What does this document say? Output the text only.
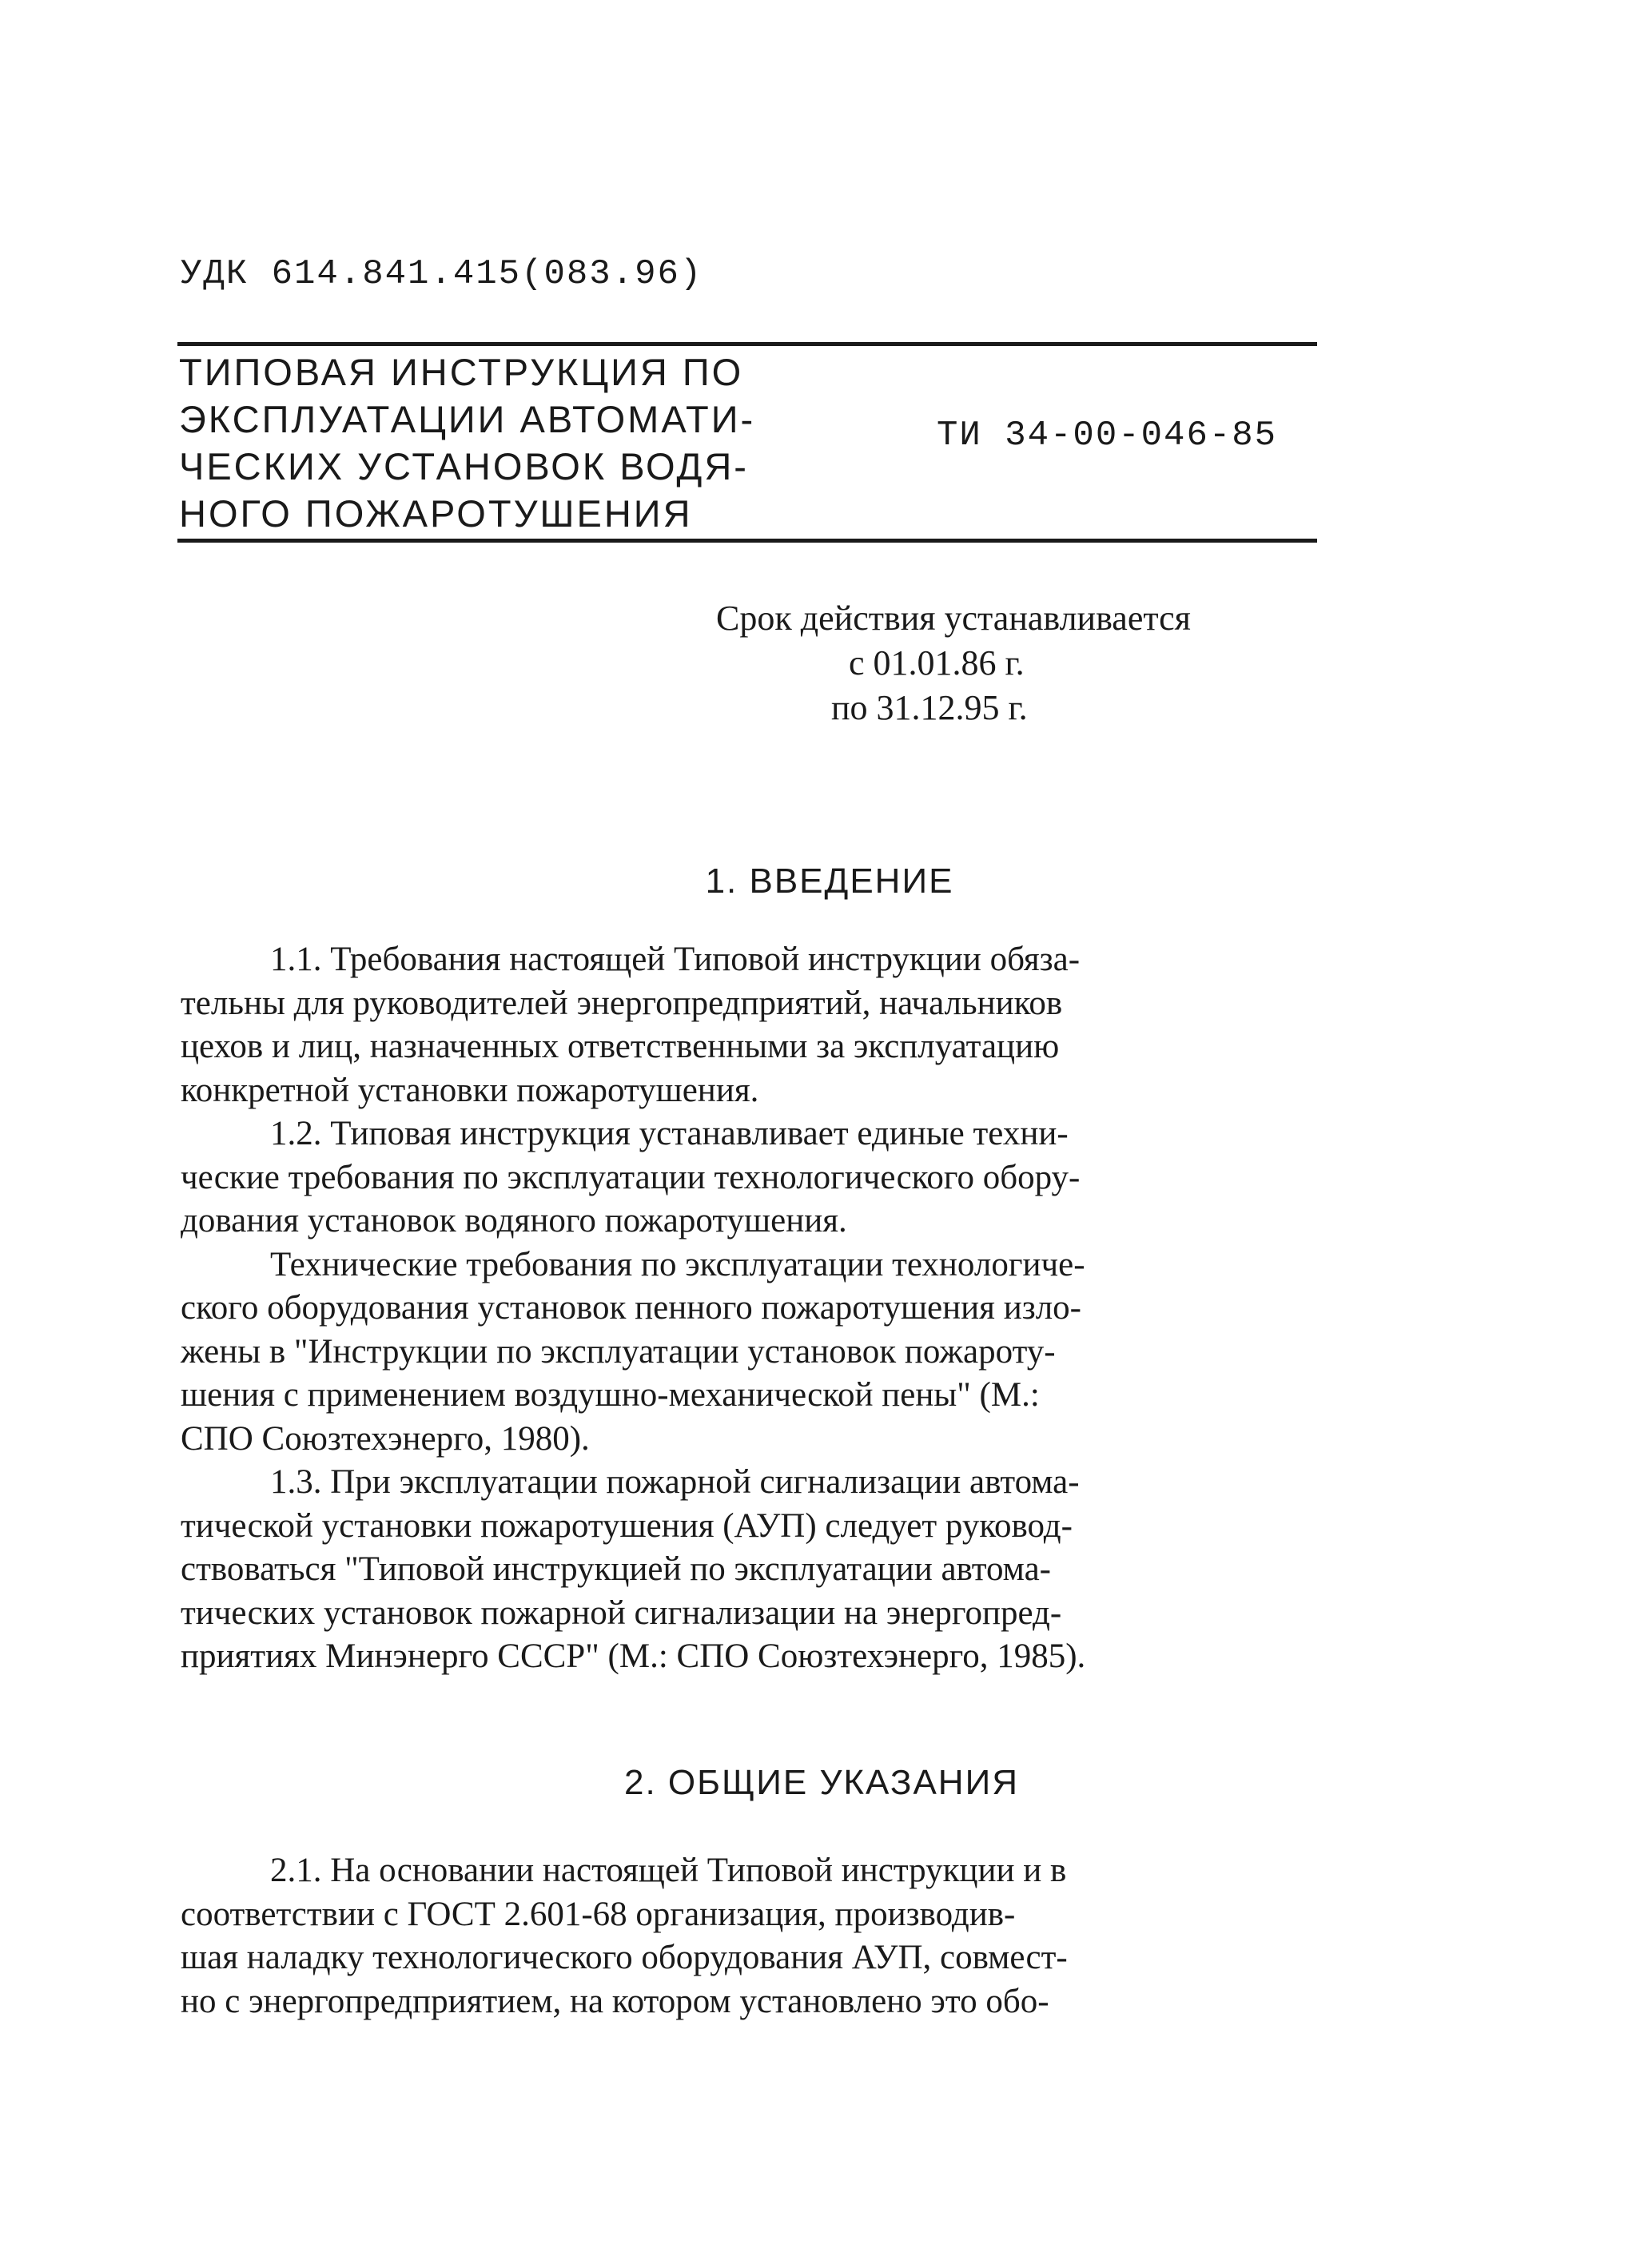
УДК 614.841.415(083.96)
ТИПОВАЯ ИНСТРУКЦИЯ ПО
ЭКСПЛУАТАЦИИ АВТОМАТИ-
ЧЕСКИХ УСТАНОВОК ВОДЯ-
НОГО ПОЖАРОТУШЕНИЯ
ТИ 34-00-046-85
Срок действия устанавливается
с 01.01.86 г.
по 31.12.95 г.
1. ВВЕДЕНИЕ
1.1. Требования настоящей Типовой инструкции обяза-
тельны для руководителей энергопредприятий, начальников
цехов и лиц, назначенных ответственными за эксплуатацию
конкретной установки пожаротушения.
1.2. Типовая инструкция устанавливает единые техни-
ческие требования по эксплуатации технологического обору-
дования установок водяного пожаротушения.
Технические требования по эксплуатации технологиче-
ского оборудования установок пенного пожаротушения изло-
жены в "Инструкции по эксплуатации установок пожароту-
шения с применением воздушно-механической пены" (М.:
СПО Союзтехэнерго, 1980).
1.3. При эксплуатации пожарной сигнализации автома-
тической установки пожаротушения (АУП) следует руковод-
ствоваться "Типовой инструкцией по эксплуатации автома-
тических установок пожарной сигнализации на энергопред-
приятиях Минэнерго СССР" (М.: СПО Союзтехэнерго, 1985).
2. ОБЩИЕ УКАЗАНИЯ
2.1. На основании настоящей Типовой инструкции и в
соответствии с ГОСТ 2.601-68 организация, производив-
шая наладку технологического оборудования АУП, совмест-
но с энергопредприятием, на котором установлено это обо-
